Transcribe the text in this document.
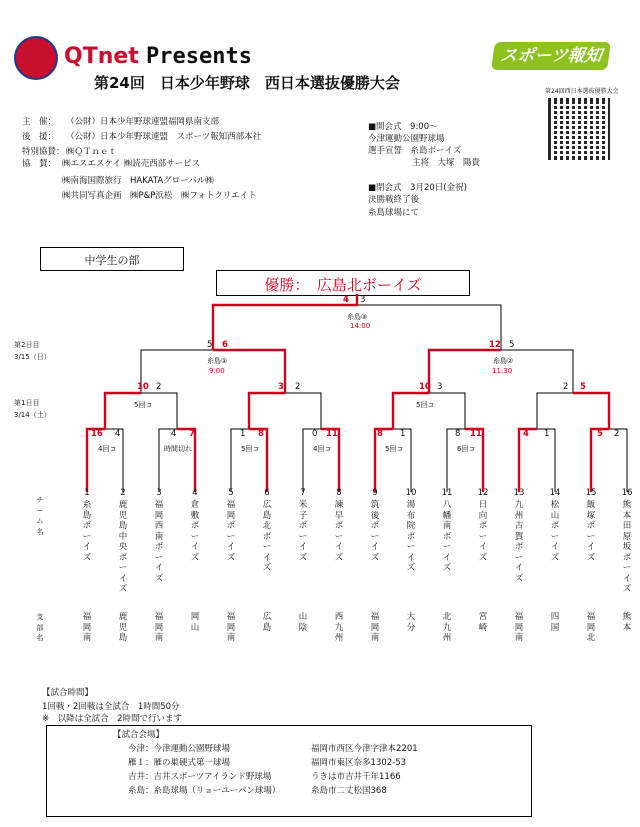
QTnet Presents
第24回　日本少年野球　西日本選抜優勝大会
スポーツ報知
第24回西日本選抜優勝大会
主　催： （公財）日本少年野球連盟福岡県南支部
後　援： （公財）日本少年野球連盟　スポーツ報知西部本社
特別協賛： ㈱ＱＴｎｅｔ
協　賛： ㈱エスエスケイ ㈱読売西部サービス
㈱南海国際旅行　HAKATAグローバル㈱
㈱共同写真企画　㈱P&P浜松　㈱フォトクリエイト
■開会式　9:00～
今津運動公園野球場
選手宣誓　糸島ボーイズ
主将　大塚　陽貴
■閉会式　3月20日(金祝)
決勝戦終了後
糸島球場にて
中学生の部
優勝：　広島北ボーイズ
第2日目
3/15（日）
第1日目
3/14（土）
4 3
糸島③
14:00
5 6
糸島①
9:00
12 5
糸島②
11:30
10 2
5回コ
3 2	10 3
5回コ
2 5
16 4
4回コ
4 7
時間切れ
1 8
5回コ
0 11
4回コ
8 1
5回コ
8 11
6回コ
4 1	5 2
チーム名
支部名
1
糸島ボーイズ
福岡南
2
鹿児島中央ボーイズ
鹿児島
3
福岡西南ボーイズ
福岡南
4
倉敷ボーイズ
岡山
5
福岡ボーイズ
福岡南
6
広島北ボーイズ
広島
7
米子ボーイズ
山陰
8
諫早ボーイズ
西九州
9
筑後ボーイズ
福岡南
10
湯布院ボーイズ
大分
11
八幡南ボーイズ
北九州
12
日向ボーイズ
宮崎
13
九州古賀ボーイズ
福岡南
14
松山ボーイズ
四国
15
飯塚ボーイズ
福岡北
16
熊本田原坂ボーイズ
熊本
【試合時間】
1回戦・2回戦は全試合　1時間50分
※　以降は全試合　2時間で行います
【試合会場】
今津：今津運動公園野球場	福岡市西区今津字津本2201
雁１：雁の巣硬式第一球場	福岡市東区奈多1302-53
吉井：吉井スポーツアイランド野球場	うきは市吉井千年1166
糸島：糸島球場（リョーユーパン球場）	糸島市二丈松国368
